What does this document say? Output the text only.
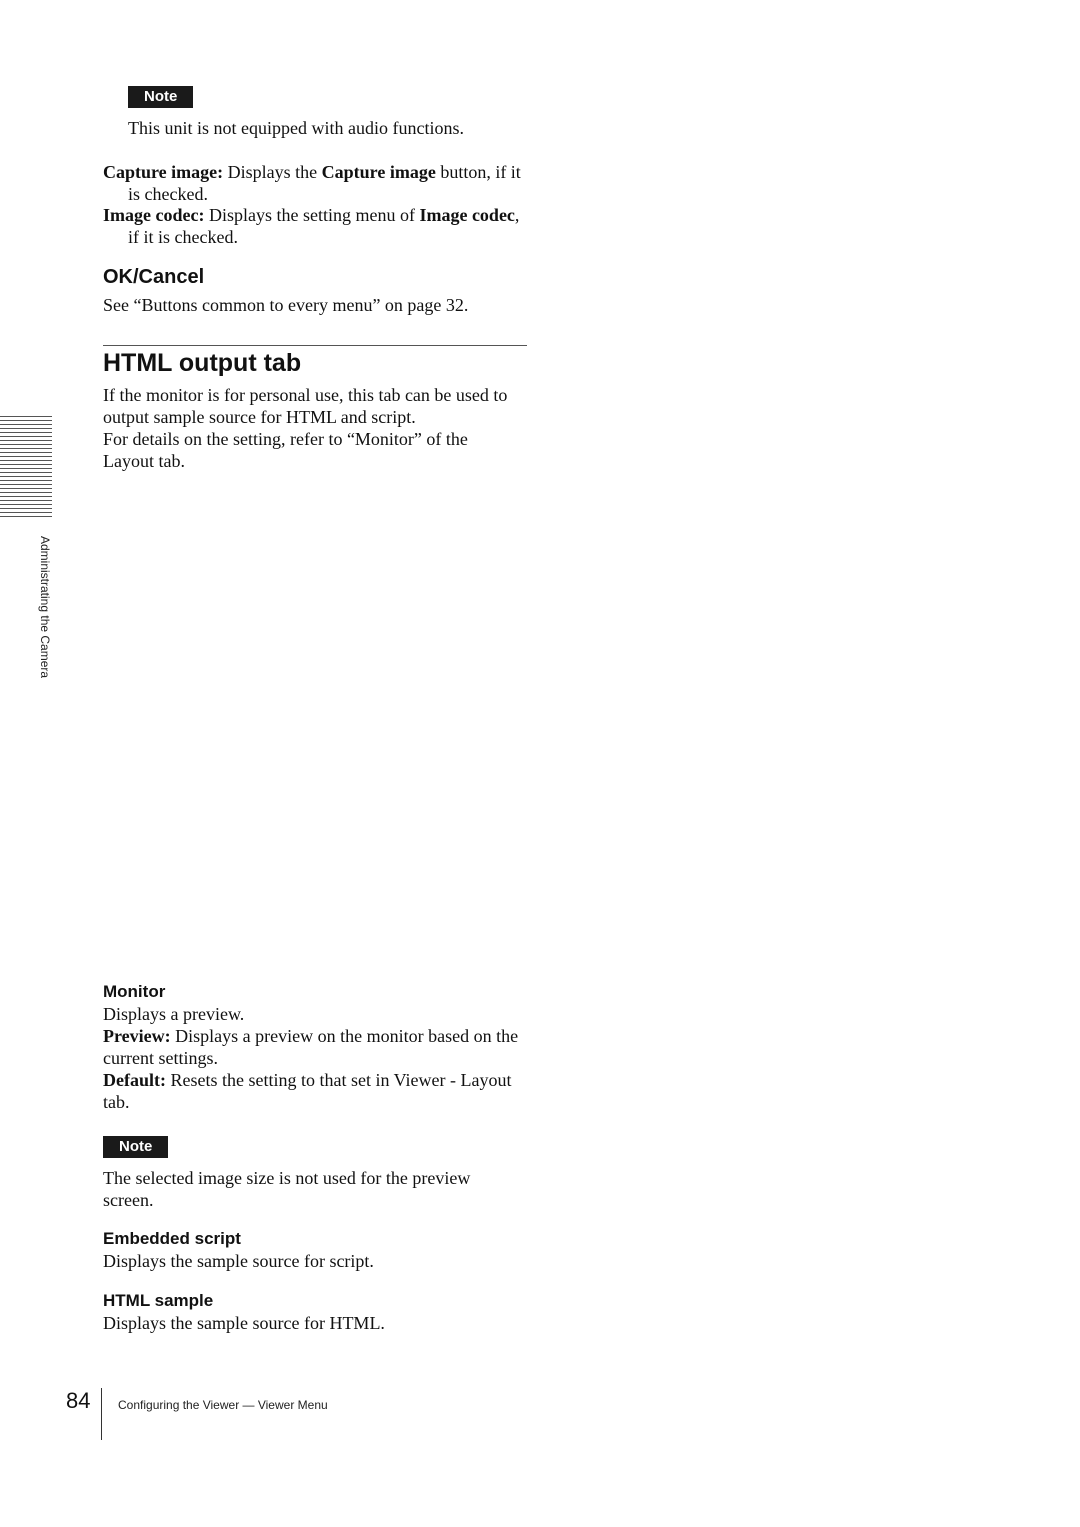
Administrating the Camera
Note
This unit is not equipped with audio functions.
Capture image: Displays the Capture image button, if it is checked.
Image codec: Displays the setting menu of Image codec, if it is checked.
OK/Cancel
See “Buttons common to every menu” on page 32.
HTML output tab
If the monitor is for personal use, this tab can be used to output sample source for HTML and script.
For details on the setting, refer to “Monitor” of the Layout tab.
Monitor
Displays a preview.
Preview: Displays a preview on the monitor based on the current settings.
Default: Resets the setting to that set in Viewer - Layout tab.
Note
The selected image size is not used for the preview screen.
Embedded script
Displays the sample source for script.
HTML sample
Displays the sample source for HTML.
84 Configuring the Viewer — Viewer Menu
